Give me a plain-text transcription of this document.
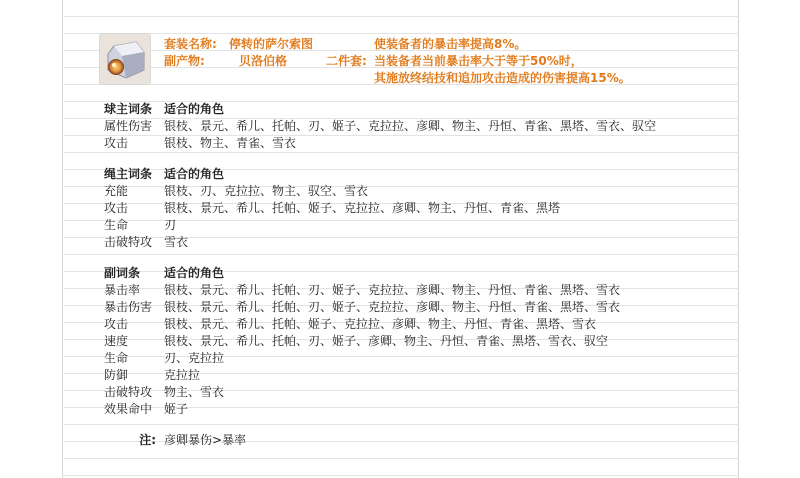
套装名称: 停转的萨尔索图
副产物:	贝洛伯格	二件套:
使装备者的暴击率提高8%。
当装备者当前暴击率大于等于50%时，
其施放终结技和追加攻击造成的伤害提高15%。
球主词条 适合的角色
属性伤害 银枝、景元、希儿、托帕、刃、姬子、克拉拉、彦卿、物主、丹恒、青雀、黑塔、雪衣、驭空
攻击	银枝、物主、青雀、雪衣
绳主词条 适合的角色
充能	银枝、刃、克拉拉、物主、驭空、雪衣
攻击	银枝、景元、希儿、托帕、姬子、克拉拉、彦卿、物主、丹恒、青雀、黑塔
生命	刃
击破特攻 雪衣
副词条 适合的角色
暴击率 银枝、景元、希儿、托帕、刃、姬子、克拉拉、彦卿、物主、丹恒、青雀、黑塔、雪衣
暴击伤害 银枝、景元、希儿、托帕、刃、姬子、克拉拉、彦卿、物主、丹恒、青雀、黑塔、雪衣
攻击	银枝、景元、希儿、托帕、姬子、克拉拉、彦卿、物主、丹恒、青雀、黑塔、雪衣
速度	银枝、景元、希儿、托帕、刃、姬子、彦卿、物主、丹恒、青雀、黑塔、雪衣、驭空
生命	刃、克拉拉
防御	克拉拉
击破特攻 物主、雪衣
效果命中 姬子
注: 彦卿暴伤>暴率
